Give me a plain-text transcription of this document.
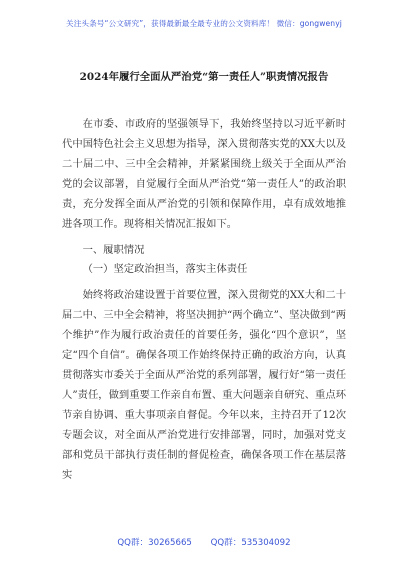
关注头条号“公文研究”，获得最新最全最专业的公文资料库！ 微信：gongwenyj
2024年履行全面从严治党“第一责任人”职责情况报告

在市委、市政府的坚强领导下，我始终坚持以习近平新时代中国特色社会主义思想为指导，深入贯彻落实党的XX大以及二十届二中、三中全会精神，并紧紧围绕上级关于全面从严治党的会议部署，自觉履行全面从严治党“第一责任人”的政治职责，充分发挥全面从严治党的引领和保障作用，卓有成效地推进各项工作。现将相关情况汇报如下。

一、履职情况
（一）坚定政治担当，落实主体责任

始终将政治建设置于首要位置，深入贯彻党的XX大和二十届二中、三中全会精神，将坚决拥护“两个确立”、坚决做到“两个维护”作为履行政治责任的首要任务，强化“四个意识”，坚定“四个自信”。确保各项工作始终保持正确的政治方向，认真贯彻落实市委关于全面从严治党的系列部署，履行好“第一责任人”责任，做到重要工作亲自布置、重大问题亲自研究、重点环节亲自协调、重大事项亲自督促。今年以来，主持召开了12次专题会议，对全面从严治党进行安排部署，同时，加强对党支部和党员干部执行责任制的督促检查，确保各项工作在基层落实

QQ群：30265665 QQ群：535304092
